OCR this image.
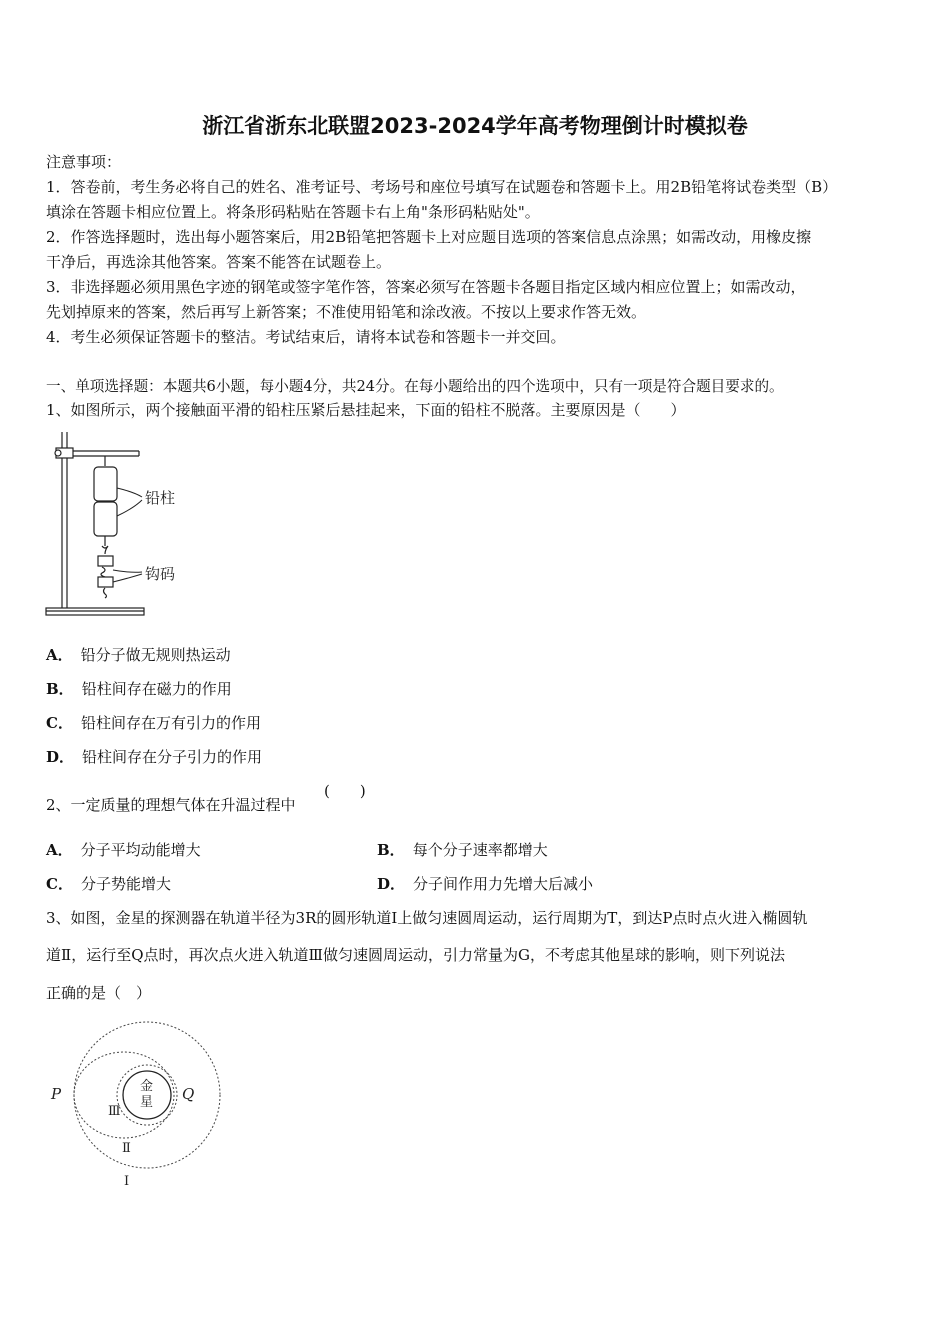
浙江省浙东北联盟2023-2024学年高考物理倒计时模拟卷
注意事项：
1．答卷前，考生务必将自己的姓名、准考证号、考场号和座位号填写在试题卷和答题卡上。用2B铅笔将试卷类型（B）
填涂在答题卡相应位置上。将条形码粘贴在答题卡右上角"条形码粘贴处"。
2．作答选择题时，选出每小题答案后，用2B铅笔把答题卡上对应题目选项的答案信息点涂黑；如需改动，用橡皮擦
干净后，再选涂其他答案。答案不能答在试题卷上。
3．非选择题必须用黑色字迹的钢笔或签字笔作答，答案必须写在答题卡各题目指定区域内相应位置上；如需改动，
先划掉原来的答案，然后再写上新答案；不准使用铅笔和涂改液。不按以上要求作答无效。
4．考生必须保证答题卡的整洁。考试结束后，请将本试卷和答题卡一并交回。
一、单项选择题：本题共6小题，每小题4分，共24分。在每小题给出的四个选项中，只有一项是符合题目要求的。
1、如图所示，两个接触面平滑的铅柱压紧后悬挂起来，下面的铅柱不脱落。主要原因是（　　）
铅柱
钩码
A． 铅分子做无规则热运动
B． 铅柱间存在磁力的作用
C． 铅柱间存在万有引力的作用
D． 铅柱间存在分子引力的作用
2、一定质量的理想气体在升温过程中
(　　)
A． 分子平均动能增大	B． 每个分子速率都增大
C． 分子势能增大	D． 分子间作用力先增大后减小
3、如图，金星的探测器在轨道半径为3R的圆形轨道Ⅰ上做匀速圆周运动，运行周期为T，到达P点时点火进入椭圆轨
道Ⅱ，运行至Q点时，再次点火进入轨道Ⅲ做匀速圆周运动，引力常量为G，不考虑其他星球的影响，则下列说法
正确的是（　）
金
星
P	Q
Ⅲ
Ⅱ
Ⅰ
